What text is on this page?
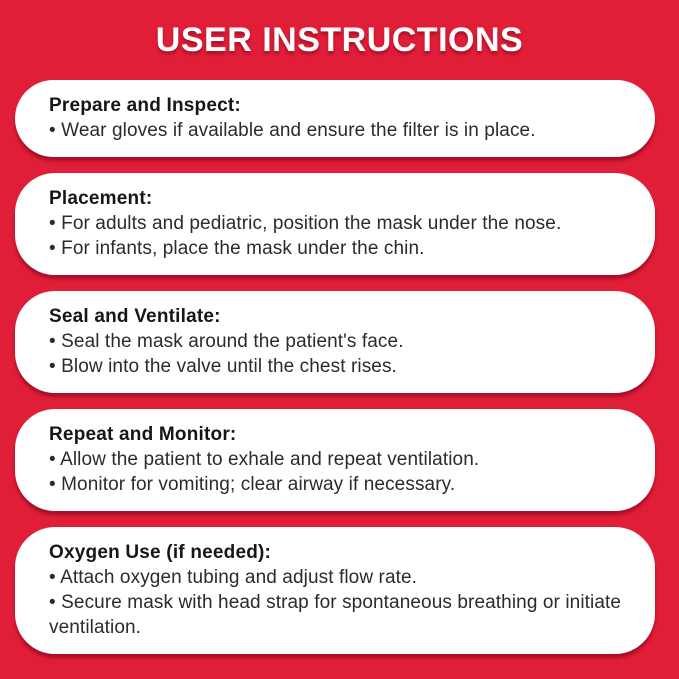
USER INSTRUCTIONS
Prepare and Inspect:
• Wear gloves if available and ensure the filter is in place.
Placement:
• For adults and pediatric, position the mask under the nose.
• For infants, place the mask under the chin.
Seal and Ventilate:
• Seal the mask around the patient's face.
• Blow into the valve until the chest rises.
Repeat and Monitor:
• Allow the patient to exhale and repeat ventilation.
• Monitor for vomiting; clear airway if necessary.
Oxygen Use (if needed):
• Attach oxygen tubing and adjust flow rate.
• Secure mask with head strap for spontaneous breathing or initiate ventilation.
